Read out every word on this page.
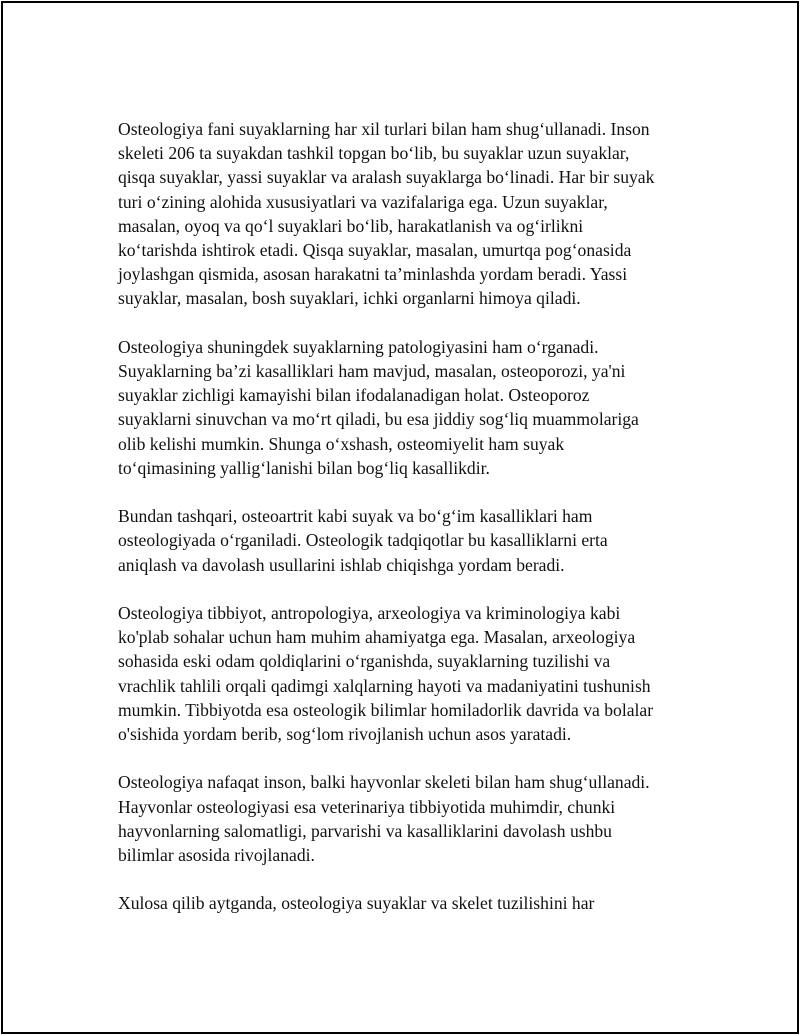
Osteologiya fani suyaklarning har xil turlari bilan ham shug‘ullanadi. Inson
skeleti 206 ta suyakdan tashkil topgan bo‘lib, bu suyaklar uzun suyaklar,
qisqa suyaklar, yassi suyaklar va aralash suyaklarga bo‘linadi. Har bir suyak
turi o‘zining alohida xususiyatlari va vazifalariga ega. Uzun suyaklar,
masalan, oyoq va qo‘l suyaklari bo‘lib, harakatlanish va og‘irlikni
ko‘tarishda ishtirok etadi. Qisqa suyaklar, masalan, umurtqa pog‘onasida
joylashgan qismida, asosan harakatni ta’minlashda yordam beradi. Yassi
suyaklar, masalan, bosh suyaklari, ichki organlarni himoya qiladi.
Osteologiya shuningdek suyaklarning patologiyasini ham o‘rganadi.
Suyaklarning ba’zi kasalliklari ham mavjud, masalan, osteoporozi, ya'ni
suyaklar zichligi kamayishi bilan ifodalanadigan holat. Osteoporoz
suyaklarni sinuvchan va mo‘rt qiladi, bu esa jiddiy sog‘liq muammolariga
olib kelishi mumkin. Shunga o‘xshash, osteomiyelit ham suyak
to‘qimasining yallig‘lanishi bilan bog‘liq kasallikdir.
Bundan tashqari, osteoartrit kabi suyak va bo‘g‘im kasalliklari ham
osteologiyada o‘rganiladi. Osteologik tadqiqotlar bu kasalliklarni erta
aniqlash va davolash usullarini ishlab chiqishga yordam beradi.
Osteologiya tibbiyot, antropologiya, arxeologiya va kriminologiya kabi
ko'plab sohalar uchun ham muhim ahamiyatga ega. Masalan, arxeologiya
sohasida eski odam qoldiqlarini o‘rganishda, suyaklarning tuzilishi va
vrachlik tahlili orqali qadimgi xalqlarning hayoti va madaniyatini tushunish
mumkin. Tibbiyotda esa osteologik bilimlar homiladorlik davrida va bolalar
o'sishida yordam berib, sog‘lom rivojlanish uchun asos yaratadi.
Osteologiya nafaqat inson, balki hayvonlar skeleti bilan ham shug‘ullanadi.
Hayvonlar osteologiyasi esa veterinariya tibbiyotida muhimdir, chunki
hayvonlarning salomatligi, parvarishi va kasalliklarini davolash ushbu
bilimlar asosida rivojlanadi.
Xulosa qilib aytganda, osteologiya suyaklar va skelet tuzilishini har
